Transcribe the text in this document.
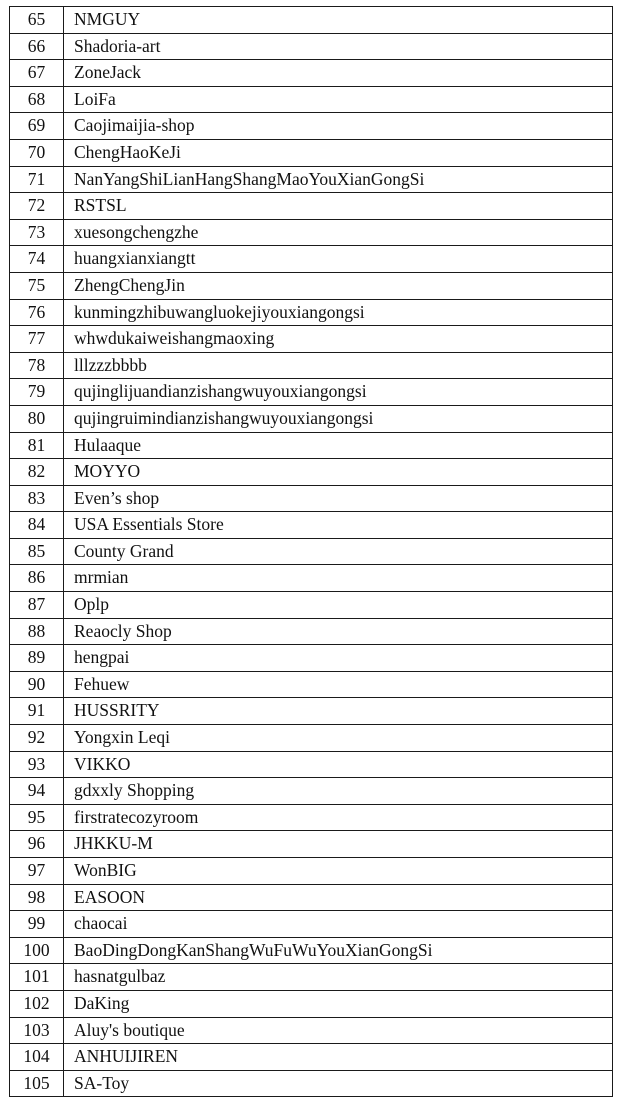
65	NMGUY
66	Shadoria-art
67	ZoneJack
68	LoiFa
69	Caojimaijia-shop
70	ChengHaoKeJi
71	NanYangShiLianHangShangMaoYouXianGongSi
72	RSTSL
73	xuesongchengzhe
74	huangxianxiangtt
75	ZhengChengJin
76	kunmingzhibuwangluokejiyouxiangongsi
77	whwdukaiweishangmaoxing
78	lllzzzbbbb
79	qujinglijuandianzishangwuyouxiangongsi
80	qujingruimindianzishangwuyouxiangongsi
81	Hulaaque
82	MOYYO
83	Even’s shop
84	USA Essentials Store
85	County Grand
86	mrmian
87	Oplp
88	Reaocly Shop
89	hengpai
90	Fehuew
91	HUSSRITY
92	Yongxin Leqi
93	VIKKO
94	gdxxly Shopping
95	firstratecozyroom
96	JHKKU-M
97	WonBIG
98	EASOON
99	chaocai
100	BaoDingDongKanShangWuFuWuYouXianGongSi
101	hasnatgulbaz
102	DaKing
103	Aluy's boutique
104	ANHUIJIREN
105	SA-Toy
